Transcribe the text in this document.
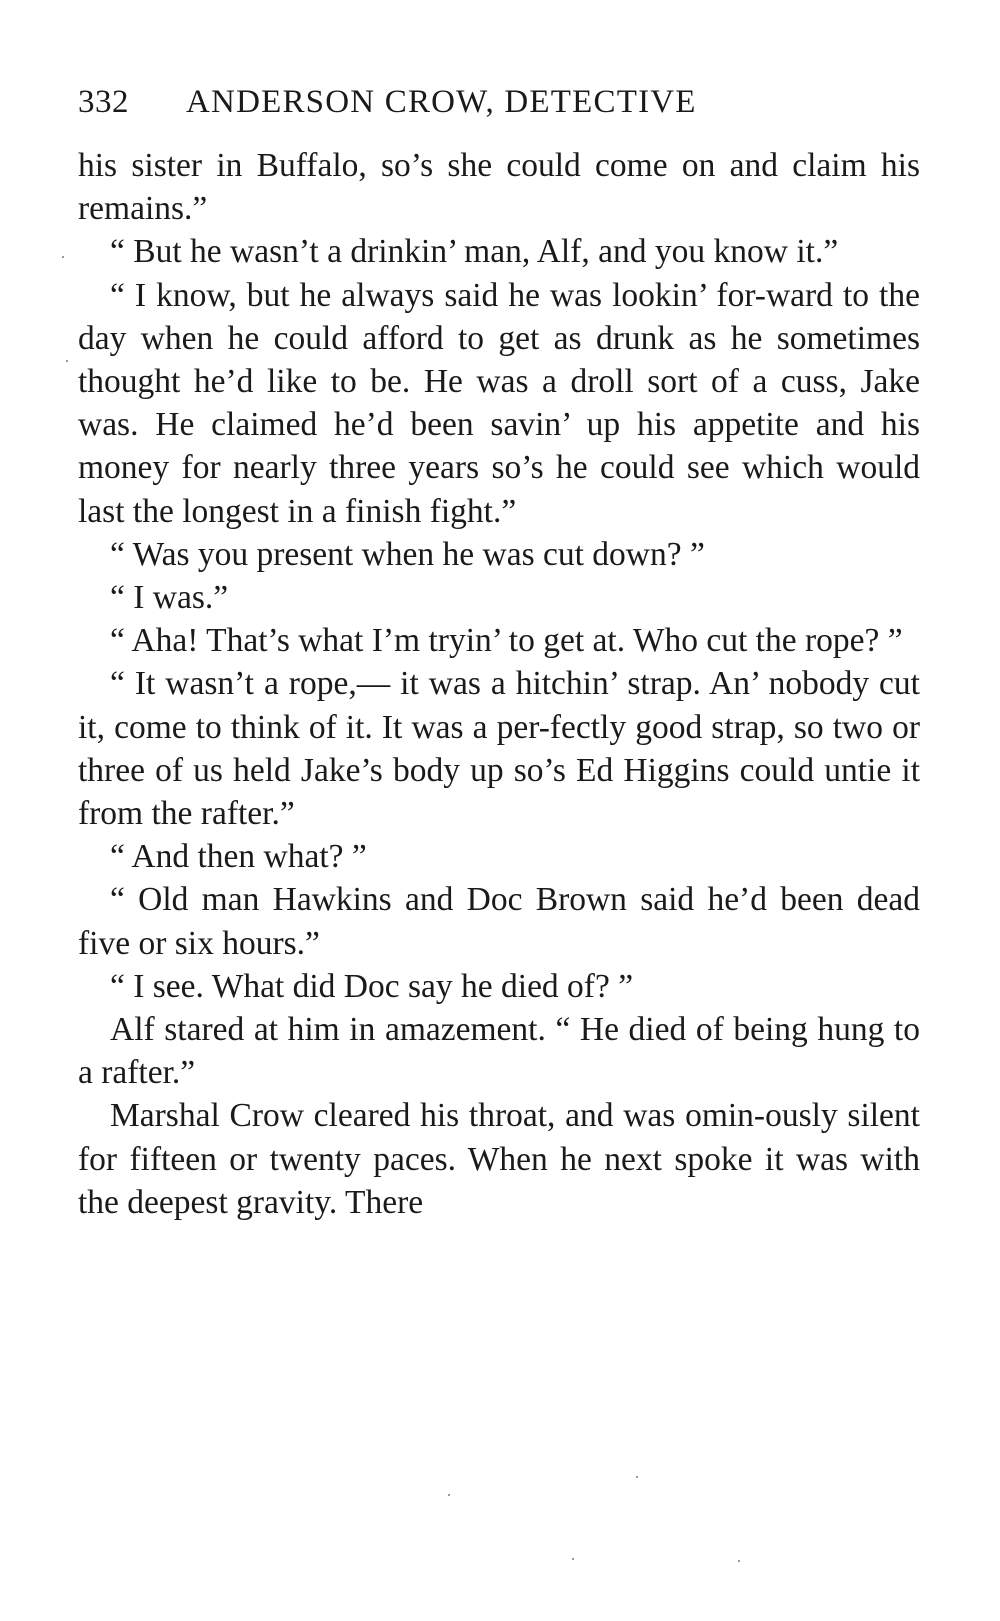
332	ANDERSON CROW, DETECTIVE

his sister in Buffalo, so’s she could come on and claim his remains.”

“ But he wasn’t a drinkin’ man, Alf, and you know it.”

“ I know, but he always said he was lookin’ for-ward to the day when he could afford to get as drunk as he sometimes thought he’d like to be. He was a droll sort of a cuss, Jake was. He claimed he’d been savin’ up his appetite and his money for nearly three years so’s he could see which would last the longest in a finish fight.”

“ Was you present when he was cut down? ”

“ I was.”

“ Aha! That’s what I’m tryin’ to get at. Who cut the rope? ”

“ It wasn’t a rope,— it was a hitchin’ strap. An’ nobody cut it, come to think of it. It was a per-fectly good strap, so two or three of us held Jake’s body up so’s Ed Higgins could untie it from the rafter.”

“ And then what? ”

“ Old man Hawkins and Doc Brown said he’d been dead five or six hours.”

“ I see. What did Doc say he died of? ”

Alf stared at him in amazement. “ He died of being hung to a rafter.”

Marshal Crow cleared his throat, and was omin-ously silent for fifteen or twenty paces. When he next spoke it was with the deepest gravity. There
